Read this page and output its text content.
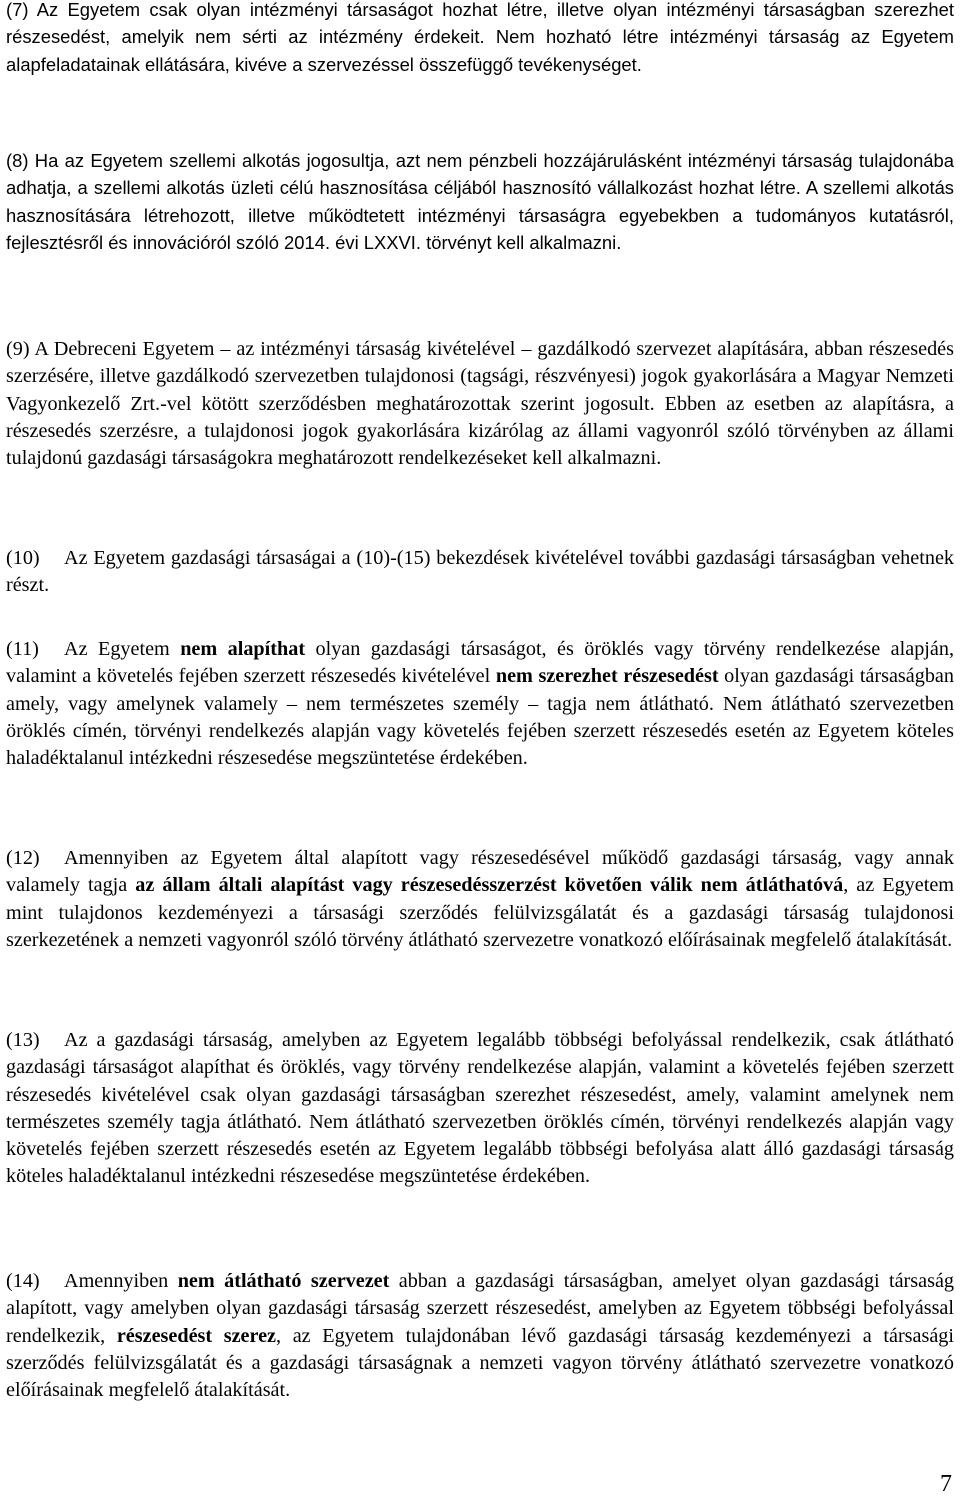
(7) Az Egyetem csak olyan intézményi társaságot hozhat létre, illetve olyan intézményi társaságban szerezhet részesedést, amelyik nem sérti az intézmény érdekeit. Nem hozható létre intézményi társaság az Egyetem alapfeladatainak ellátására, kivéve a szervezéssel összefüggő tevékenységet.

(8) Ha az Egyetem szellemi alkotás jogosultja, azt nem pénzbeli hozzájárulásként intézményi társaság tulajdonába adhatja, a szellemi alkotás üzleti célú hasznosítása céljából hasznosító vállalkozást hozhat létre. A szellemi alkotás hasznosítására létrehozott, illetve működtetett intézményi társaságra egyebekben a tudományos kutatásról, fejlesztésről és innovációról szóló 2014. évi LXXVI. törvényt kell alkalmazni.

(9) A Debreceni Egyetem – az intézményi társaság kivételével – gazdálkodó szervezet alapítására, abban részesedés szerzésére, illetve gazdálkodó szervezetben tulajdonosi (tagsági, részvényesi) jogok gyakorlására a Magyar Nemzeti Vagyonkezelő Zrt.-vel kötött szerződésben meghatározottak szerint jogosult. Ebben az esetben az alapításra, a részesedés szerzésre, a tulajdonosi jogok gyakorlására kizárólag az állami vagyonról szóló törvényben az állami tulajdonú gazdasági társaságokra meghatározott rendelkezéseket kell alkalmazni.

(10) Az Egyetem gazdasági társaságai a (10)-(15) bekezdések kivételével további gazdasági társaságban vehetnek részt.

(11) Az Egyetem nem alapíthat olyan gazdasági társaságot, és öröklés vagy törvény rendelkezése alapján, valamint a követelés fejében szerzett részesedés kivételével nem szerezhet részesedést olyan gazdasági társaságban amely, vagy amelynek valamely – nem természetes személy – tagja nem átlátható. Nem átlátható szervezetben öröklés címén, törvényi rendelkezés alapján vagy követelés fejében szerzett részesedés esetén az Egyetem köteles haladéktalanul intézkedni részesedése megszüntetése érdekében.

(12) Amennyiben az Egyetem által alapított vagy részesedésével működő gazdasági társaság, vagy annak valamely tagja az állam általi alapítást vagy részesedésszerzést követően válik nem átláthatóvá, az Egyetem mint tulajdonos kezdeményezi a társasági szerződés felülvizsgálatát és a gazdasági társaság tulajdonosi szerkezetének a nemzeti vagyonról szóló törvény átlátható szervezetre vonatkozó előírásainak megfelelő átalakítását.

(13) Az a gazdasági társaság, amelyben az Egyetem legalább többségi befolyással rendelkezik, csak átlátható gazdasági társaságot alapíthat és öröklés, vagy törvény rendelkezése alapján, valamint a követelés fejében szerzett részesedés kivételével csak olyan gazdasági társaságban szerezhet részesedést, amely, valamint amelynek nem természetes személy tagja átlátható. Nem átlátható szervezetben öröklés címén, törvényi rendelkezés alapján vagy követelés fejében szerzett részesedés esetén az Egyetem legalább többségi befolyása alatt álló gazdasági társaság köteles haladéktalanul intézkedni részesedése megszüntetése érdekében.

(14) Amennyiben nem átlátható szervezet abban a gazdasági társaságban, amelyet olyan gazdasági társaság alapított, vagy amelyben olyan gazdasági társaság szerzett részesedést, amelyben az Egyetem többségi befolyással rendelkezik, részesedést szerez, az Egyetem tulajdonában lévő gazdasági társaság kezdeményezi a társasági szerződés felülvizsgálatát és a gazdasági társaságnak a nemzeti vagyon törvény átlátható szervezetre vonatkozó előírásainak megfelelő átalakítását.

7
